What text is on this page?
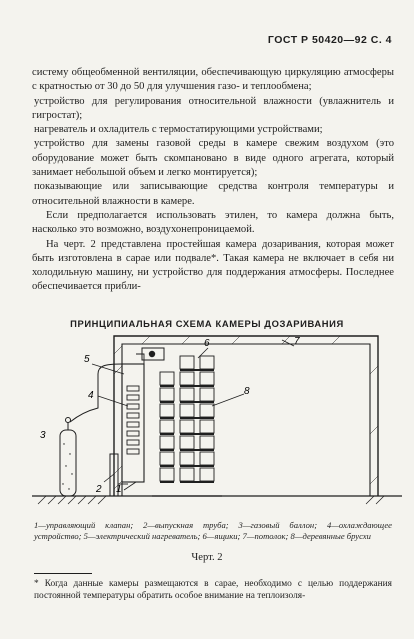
ГОСТ Р 50420—92 С. 4

систему общеобменной вентиляции, обеспечивающую циркуляцию атмосферы с кратностью от 30 до 50 для улучшения газо- и теплообмена;

устройство для регулирования относительной влажности (увлажнитель и гигростат);

нагреватель и охладитель с термостатирующими устройствами;

устройство для замены газовой среды в камере свежим воздухом (это оборудование может быть скомпановано в виде одного агрегата, который занимает небольшой объем и легко монтируется);

показывающие или записывающие средства контроля температуры и относительной влажности в камере.

Если предполагается использовать этилен, то камера должна быть, насколько это возможно, воздухонепроницаемой.

На черт. 2 представлена простейшая камера дозаривания, которая может быть изготовлена в сарае или подвале*. Такая камера не включает в себя ни холодильную машину, ни устройство для поддержания атмосферы. Последнее обеспечивается прибли-

ПРИНЦИПИАЛЬНАЯ СХЕМА КАМЕРЫ ДОЗАРИВАНИЯ
6	7
8
5
4
3
2 1
1—управляющий клапан; 2—выпускная труба; 3—газовый баллон; 4—охлаждающее устройство; 5—электрический нагреватель; 6—ящики; 7—потолок; 8—деревянные брусхи
Черт. 2
* Когда данные камеры размещаются в сарае, необходимо с целью поддержания постоянной температуры обратить особое внимание на теплоизоля-
